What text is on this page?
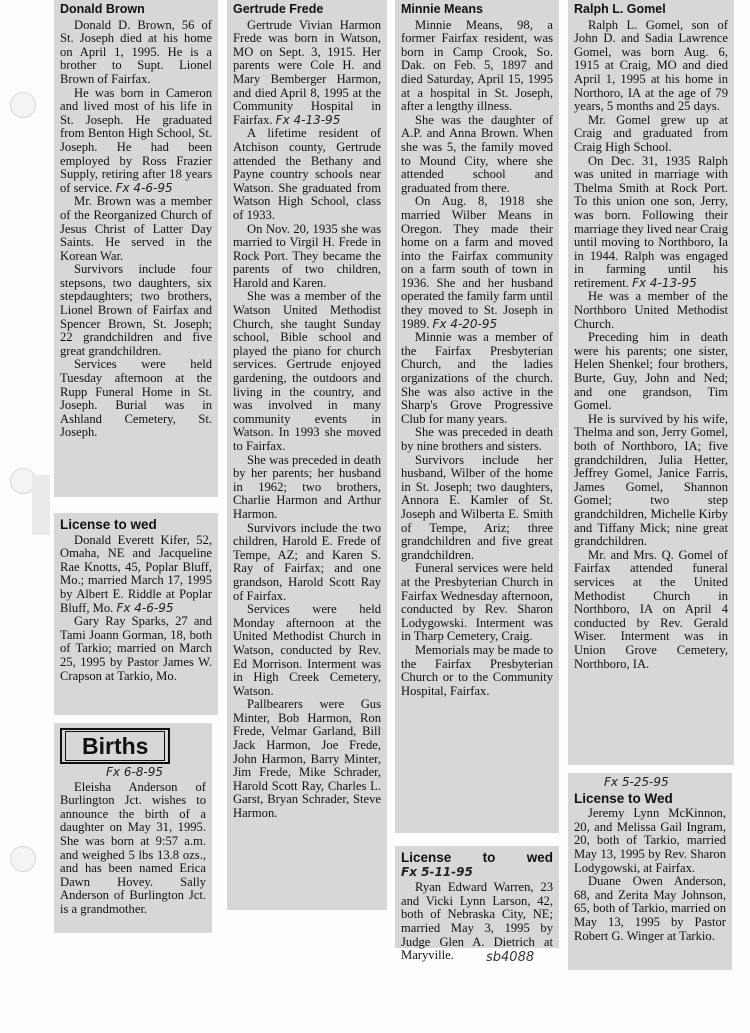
Donald Brown

Donald D. Brown, 56 of St. Joseph died at his home on April 1, 1995. He is a brother to Supt. Lionel Brown of Fairfax.

He was born in Cameron and lived most of his life in St. Joseph. He graduated from Benton High School, St. Joseph. He had been employed by Ross Frazier Supply, retiring after 18 years of service. Fx 4-6-95

Mr. Brown was a member of the Reorganized Church of Jesus Christ of Latter Day Saints. He served in the Korean War.

Survivors include four stepsons, two daughters, six stepdaughters; two brothers, Lionel Brown of Fairfax and Spencer Brown, St. Joseph; 22 grandchildren and five great grandchildren.

Services were held Tuesday afternoon at the Rupp Funeral Home in St. Joseph. Burial was in Ashland Cemetery, St. Joseph.

License to wed

Donald Everett Kifer, 52, Omaha, NE and Jacqueline Rae Knotts, 45, Poplar Bluff, Mo.; married March 17, 1995 by Albert E. Riddle at Poplar Bluff, Mo. Fx 4-6-95

Gary Ray Sparks, 27 and Tami Joann Gorman, 18, both of Tarkio; married on March 25, 1995 by Pastor James W. Crapson at Tarkio, Mo.

Births
Fx 6-8-95

Eleisha Anderson of Burlington Jct. wishes to announce the birth of a daughter on May 31, 1995. She was born at 9:57 a.m. and weighed 5 lbs 13.8 ozs., and has been named Erica Dawn Hovey. Sally Anderson of Burlington Jct. is a grandmother.

Gertrude Frede

Gertrude Vivian Harmon Frede was born in Watson, MO on Sept. 3, 1915. Her parents were Cole H. and Mary Bemberger Harmon, and died April 8, 1995 at the Community Hospital in Fairfax. Fx 4-13-95

A lifetime resident of Atchison county, Gertrude attended the Bethany and Payne country schools near Watson. She graduated from Watson High School, class of 1933.

On Nov. 20, 1935 she was married to Virgil H. Frede in Rock Port. They became the parents of two children, Harold and Karen.

She was a member of the Watson United Methodist Church, she taught Sunday school, Bible school and played the piano for church services. Gertrude enjoyed gardening, the outdoors and living in the country, and was involved in many community events in Watson. In 1993 she moved to Fairfax.

She was preceded in death by her parents; her husband in 1962; two brothers, Charlie Harmon and Arthur Harmon.

Survivors include the two children, Harold E. Frede of Tempe, AZ; and Karen S. Ray of Fairfax; and one grandson, Harold Scott Ray of Fairfax.

Services were held Monday afternoon at the United Methodist Church in Watson, conducted by Rev. Ed Morrison. Interment was in High Creek Cemetery, Watson.

Pallbearers were Gus Minter, Bob Harmon, Ron Frede, Velmar Garland, Bill Jack Harmon, Joe Frede, John Harmon, Barry Minter, Jim Frede, Mike Schrader, Harold Scott Ray, Charles L. Garst, Bryan Schrader, Steve Harmon.

Minnie Means

Minnie Means, 98, a former Fairfax resident, was born in Camp Crook, So. Dak. on Feb. 5, 1897 and died Saturday, April 15, 1995 at a hospital in St. Joseph, after a lengthy illness.

She was the daughter of A.P. and Anna Brown. When she was 5, the family moved to Mound City, where she attended school and graduated from there.

On Aug. 8, 1918 she married Wilber Means in Oregon. They made their home on a farm and moved into the Fairfax community on a farm south of town in 1936. She and her husband operated the family farm until they moved to St. Joseph in 1989. Fx 4-20-95

Minnie was a member of the Fairfax Presbyterian Church, and the ladies organizations of the church. She was also active in the Sharp's Grove Progressive Club for many years.

She was preceded in death by nine brothers and sisters.

Survivors include her husband, Wilber of the home in St. Joseph; two daughters, Annora E. Kamler of St. Joseph and Wilberta E. Smith of Tempe, Ariz; three grandchildren and five great grandchildren.

Funeral services were held at the Presbyterian Church in Fairfax Wednesday afternoon, conducted by Rev. Sharon Lodygowski. Interment was in Tharp Cemetery, Craig.

Memorials may be made to the Fairfax Presbyterian Church or to the Community Hospital, Fairfax.

License to wed Fx 5-11-95

Ryan Edward Warren, 23 and Vicki Lynn Larson, 42, both of Nebraska City, NE; married May 3, 1995 by Judge Glen A. Dietrich at Maryville.

Ralph L. Gomel

Ralph L. Gomel, son of John D. and Sadia Lawrence Gomel, was born Aug. 6, 1915 at Craig, MO and died April 1, 1995 at his home in Northoro, IA at the age of 79 years, 5 months and 25 days.

Mr. Gomel grew up at Craig and graduated from Craig High School.

On Dec. 31, 1935 Ralph was united in marriage with Thelma Smith at Rock Port. To this union one son, Jerry, was born. Following their marriage they lived near Craig until moving to Northboro, Ia in 1944. Ralph was engaged in farming until his retirement. Fx 4-13-95

He was a member of the Northboro United Methodist Church.

Preceding him in death were his parents; one sister, Helen Shenkel; four brothers, Burte, Guy, John and Ned; and one grandson, Tim Gomel.

He is survived by his wife, Thelma and son, Jerry Gomel, both of Northboro, IA; five grandchildren, Julia Hetter, Jeffrey Gomel, Janice Farris, James Gomel, Shannon Gomel; two step grandchildren, Michelle Kirby and Tiffany Mick; nine great grandchildren.

Mr. and Mrs. Q. Gomel of Fairfax attended funeral services at the United Methodist Church in Northboro, IA on April 4 conducted by Rev. Gerald Wiser. Interment was in Union Grove Cemetery, Northboro, IA.

Fx 5-25-95
License to Wed

Jeremy Lynn McKinnon, 20, and Melissa Gail Ingram, 20, both of Tarkio, married May 13, 1995 by Rev. Sharon Lodygowski, at Fairfax.

Duane Owen Anderson, 68, and Zerita May Johnson, 65, both of Tarkio, married on May 13, 1995 by Pastor Robert G. Winger at Tarkio.

sb4088
